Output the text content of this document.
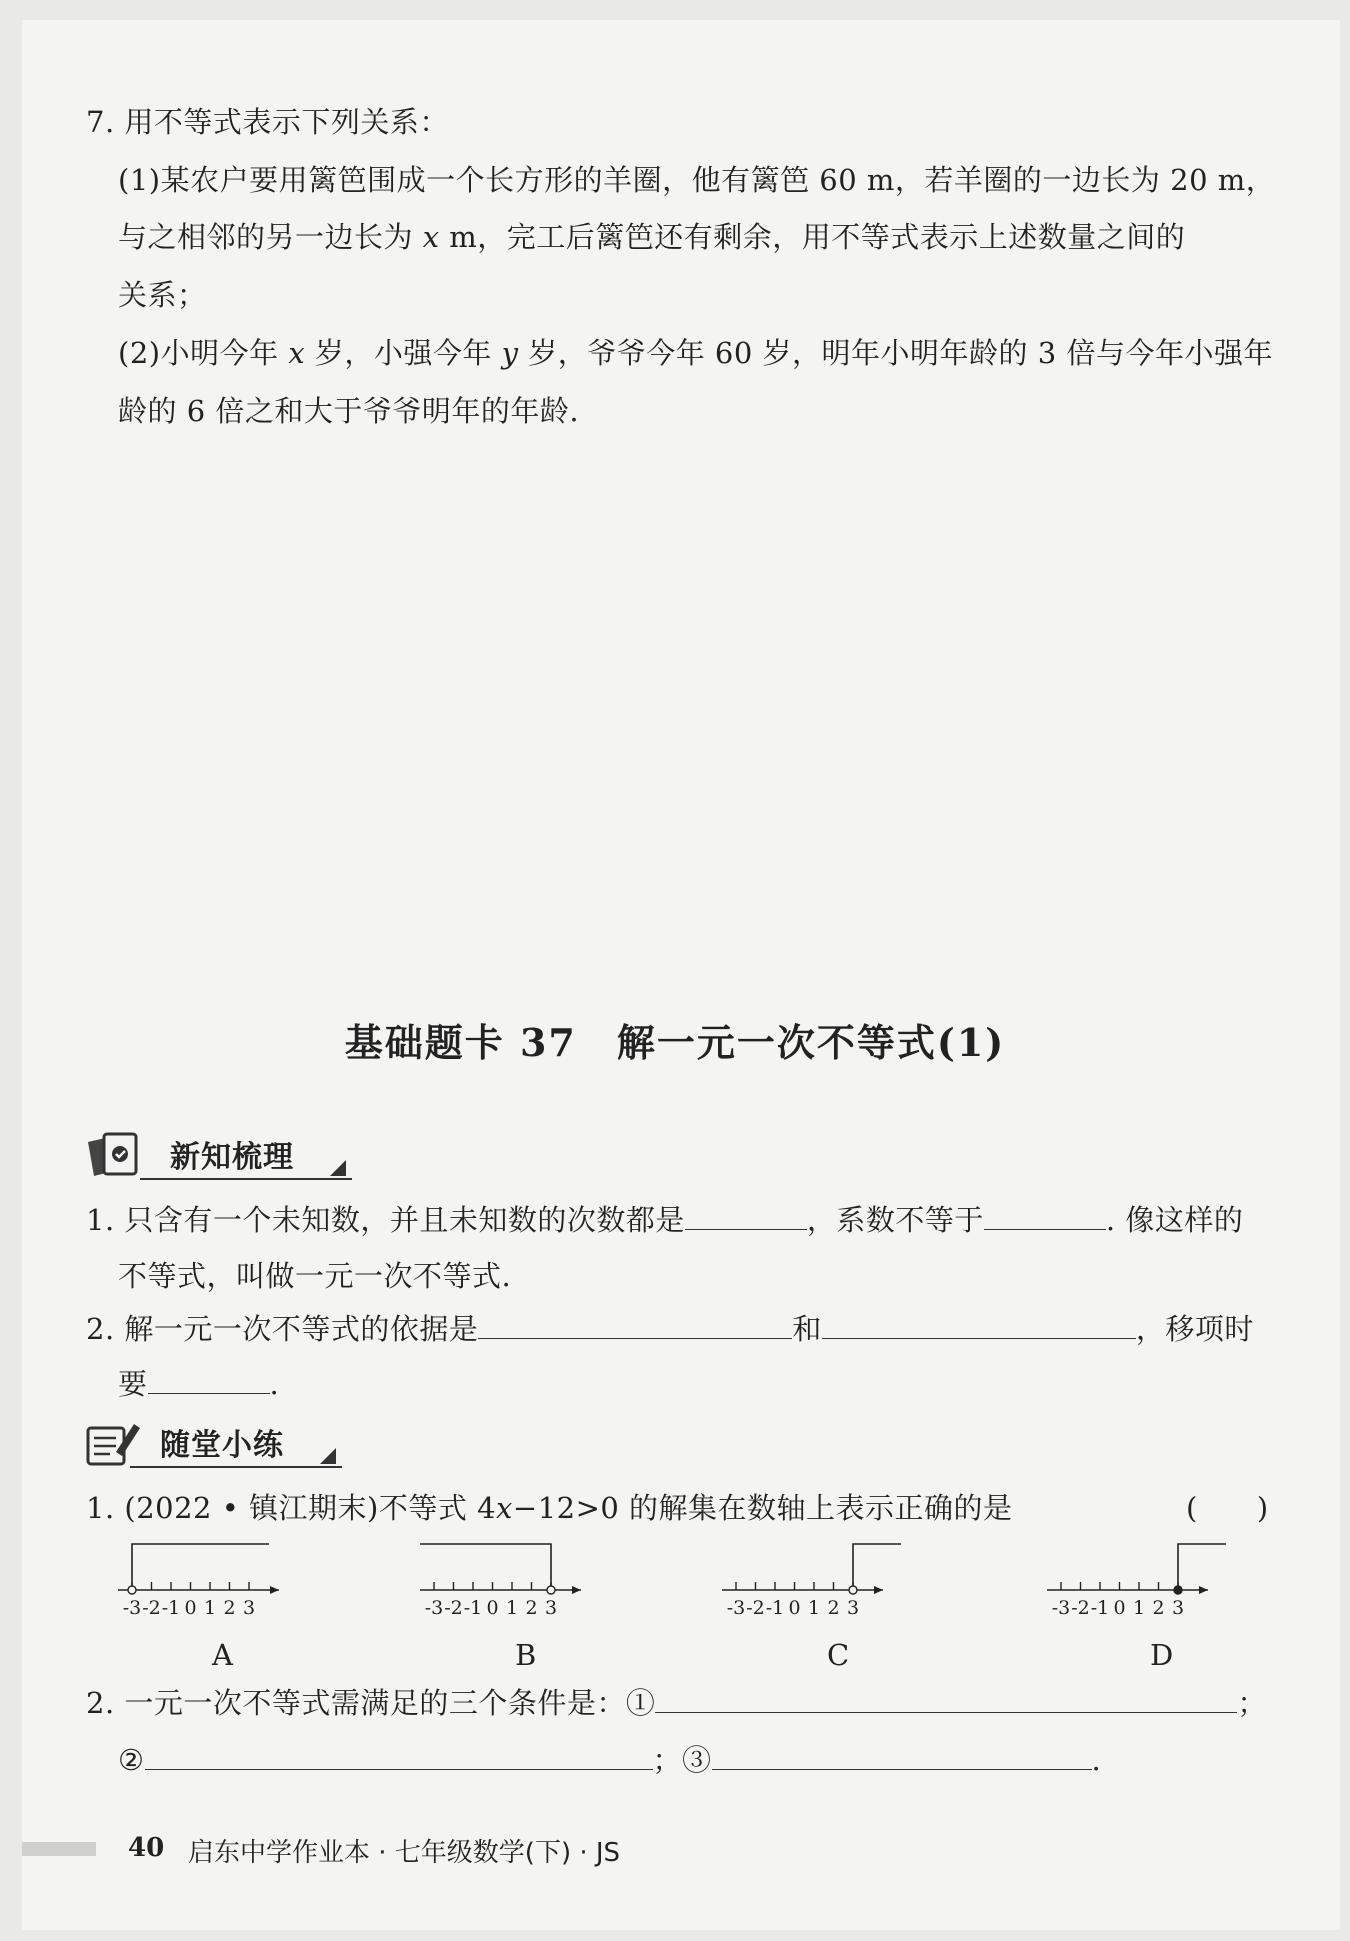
7. 用不等式表示下列关系：
(1)某农户要用篱笆围成一个长方形的羊圈，他有篱笆 60 m，若羊圈的一边长为 20 m，
与之相邻的另一边长为 x m，完工后篱笆还有剩余，用不等式表示上述数量之间的
关系；
(2)小明今年 x 岁，小强今年 y 岁，爷爷今年 60 岁，明年小明年龄的 3 倍与今年小强年
龄的 6 倍之和大于爷爷明年的年龄.
基础题卡 37　解一元一次不等式(1)
新知梳理
1. 只含有一个未知数，并且未知数的次数都是	，系数不等于	. 像这样的
不等式，叫做一元一次不等式.
2. 解一元一次不等式的依据是	和	，移项时
要	.
随堂小练
1. (2022 • 镇江期末)不等式 4x−12>0 的解集在数轴上表示正确的是	(　　)
-3 -2 -1 0 1 2 3	-3 -2 -1 0 1 2 3	-3 -2 -1 0 1 2 3	-3 -2 -1 0 1 2 3
A	B	C	D
2. 一元一次不等式需满足的三个条件是：①	；
②	；③	.
40 启东中学作业本 · 七年级数学(下) · JS
